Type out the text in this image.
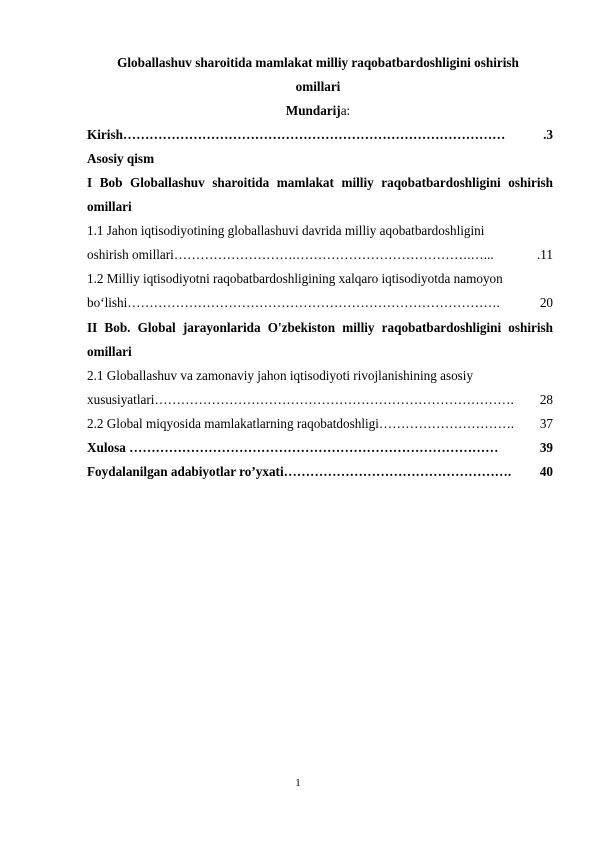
Globallashuv sharoitida mamlakat milliy raqobatbardoshligini oshirish
omillari
Mundarija:
Kirish ……………………………………………………………………………	.3
Asosiy qism
I Bob Globallashuv sharoitida mamlakat milliy raqobatbardoshligini oshirish
omillari
1.1 Jahon iqtisodiyotining globallashuvi davrida milliy aqobatbardoshligini
oshirish omillari ……………………….………………………………….…...	.11
1.2 Milliy iqtisodiyotni raqobatbardoshligining xalqaro iqtisodiyotda namoyon
bo‘lishi ………………………………………………………………………….	20
II Bob. Global jarayonlarida O'zbekiston milliy raqobatbardoshligini oshirish
omillari
2.1 Globallashuv va zamonaviy jahon iqtisodiyoti rivojlanishining asosiy
xususiyatlari ……………………………………………………………………….	28
2.2 Global miqyosida mamlakatlarning raqobatdoshligi ………………………….	37
Xulosa …………………………………………………………………………	39
Foydalanilgan adabiyotlar ro’yxati …………………………………………….	40
1
